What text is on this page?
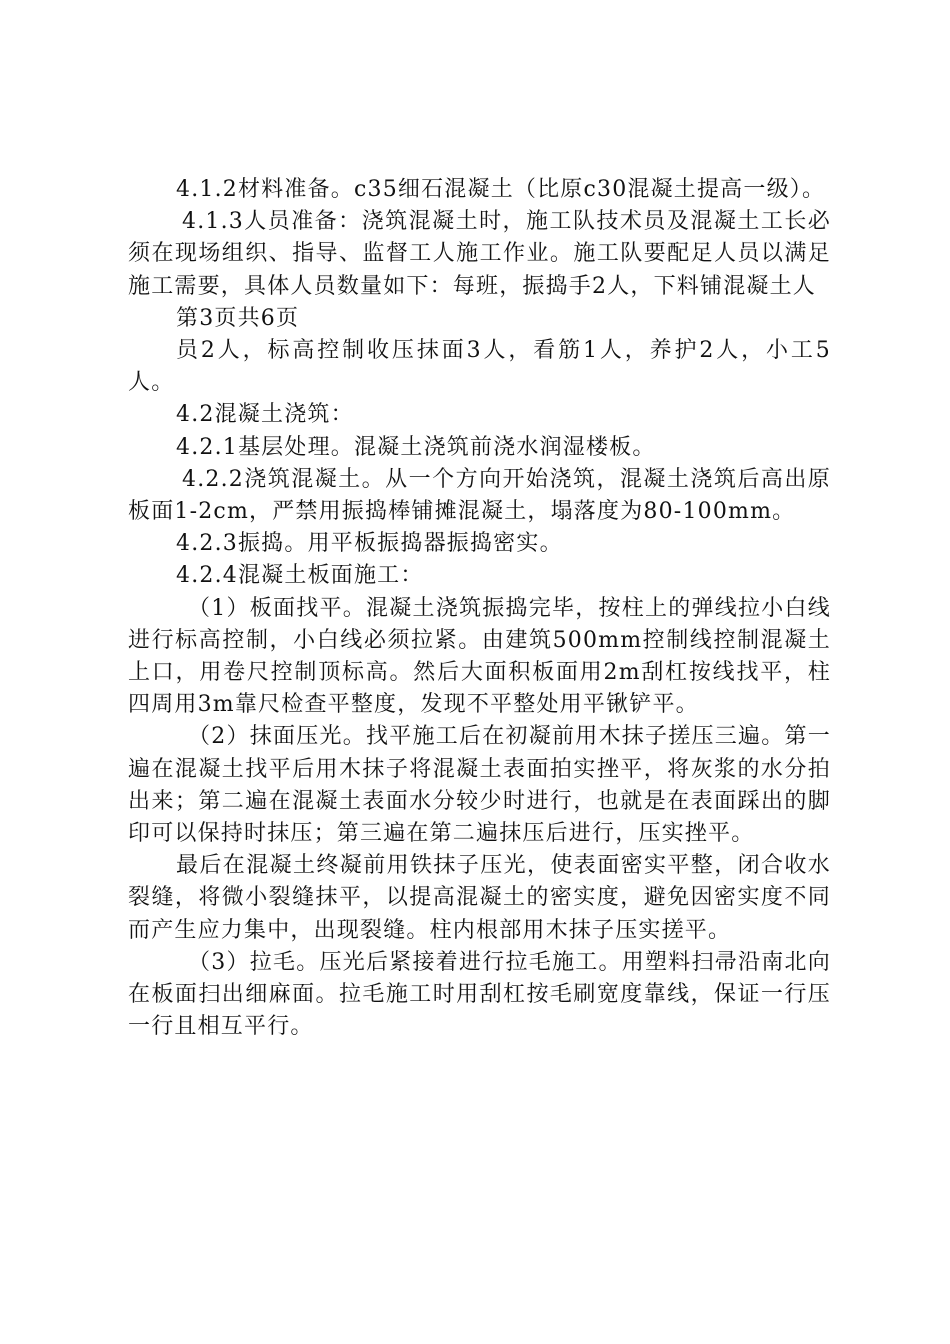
4.1.2材料准备。c35细石混凝土（比原c30混凝土提高一级）。

4.1.3人员准备：浇筑混凝土时，施工队技术员及混凝土工长必须在现场组织、指导、监督工人施工作业。施工队要配足人员以满足施工需要，具体人员数量如下：每班，振捣手2人，下料铺混凝土人

第3页共6页

员2人，标高控制收压抹面3人，看筋1人，养护2人，小工5人。

4.2混凝土浇筑：

4.2.1基层处理。混凝土浇筑前浇水润湿楼板。

4.2.2浇筑混凝土。从一个方向开始浇筑，混凝土浇筑后高出原板面1-2cm，严禁用振捣棒铺摊混凝土，塌落度为80-100mm。

4.2.3振捣。用平板振捣器振捣密实。

4.2.4混凝土板面施工：

（1）板面找平。混凝土浇筑振捣完毕，按柱上的弹线拉小白线进行标高控制，小白线必须拉紧。由建筑500mm控制线控制混凝土上口，用卷尺控制顶标高。然后大面积板面用2m刮杠按线找平，柱四周用3m靠尺检查平整度，发现不平整处用平锹铲平。

（2）抹面压光。找平施工后在初凝前用木抹子搓压三遍。第一遍在混凝土找平后用木抹子将混凝土表面拍实挫平，将灰浆的水分拍出来；第二遍在混凝土表面水分较少时进行，也就是在表面踩出的脚印可以保持时抹压；第三遍在第二遍抹压后进行，压实挫平。

最后在混凝土终凝前用铁抹子压光，使表面密实平整，闭合收水裂缝，将微小裂缝抹平，以提高混凝土的密实度，避免因密实度不同而产生应力集中，出现裂缝。柱内根部用木抹子压实搓平。

（3）拉毛。压光后紧接着进行拉毛施工。用塑料扫帚沿南北向在板面扫出细麻面。拉毛施工时用刮杠按毛刷宽度靠线，保证一行压一行且相互平行。
